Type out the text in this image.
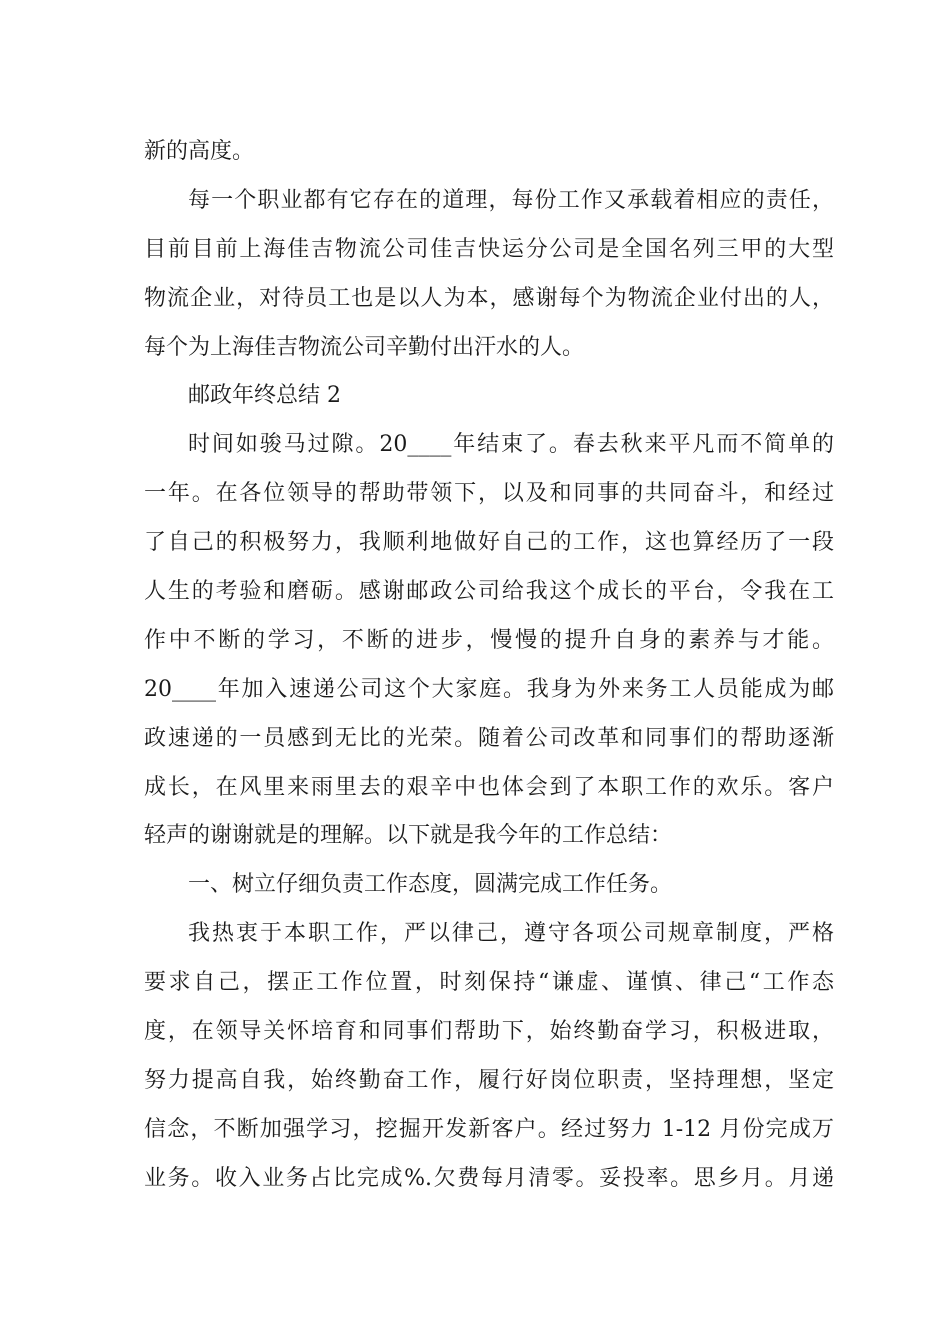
新的高度。
每一个职业都有它存在的道理，每份工作又承载着相应的责任，
目前目前上海佳吉物流公司佳吉快运分公司是全国名列三甲的大型
物流企业，对待员工也是以人为本，感谢每个为物流企业付出的人，
每个为上海佳吉物流公司辛勤付出汗水的人。
邮政年终总结 2
时间如骏马过隙。20____年结束了。春去秋来平凡而不简单的
一年。在各位领导的帮助带领下，以及和同事的共同奋斗，和经过
了自己的积极努力，我顺利地做好自己的工作，这也算经历了一段
人生的考验和磨砺。感谢邮政公司给我这个成长的平台，令我在工
作中不断的学习，不断的进步，慢慢的提升自身的素养与才能。
20____年加入速递公司这个大家庭。我身为外来务工人员能成为邮
政速递的一员感到无比的光荣。随着公司改革和同事们的帮助逐渐
成长，在风里来雨里去的艰辛中也体会到了本职工作的欢乐。客户
轻声的谢谢就是的理解。以下就是我今年的工作总结：
一、树立仔细负责工作态度，圆满完成工作任务。
我热衷于本职工作，严以律己，遵守各项公司规章制度，严格
要求自己，摆正工作位置，时刻保持“谦虚、谨慎、律己“工作态
度，在领导关怀培育和同事们帮助下，始终勤奋学习，积极进取，
努力提高自我，始终勤奋工作，履行好岗位职责，坚持理想，坚定
信念，不断加强学习，挖掘开发新客户。经过努力 1-12 月份完成万
业务。收入业务占比完成%.欠费每月清零。妥投率。思乡月。月递
